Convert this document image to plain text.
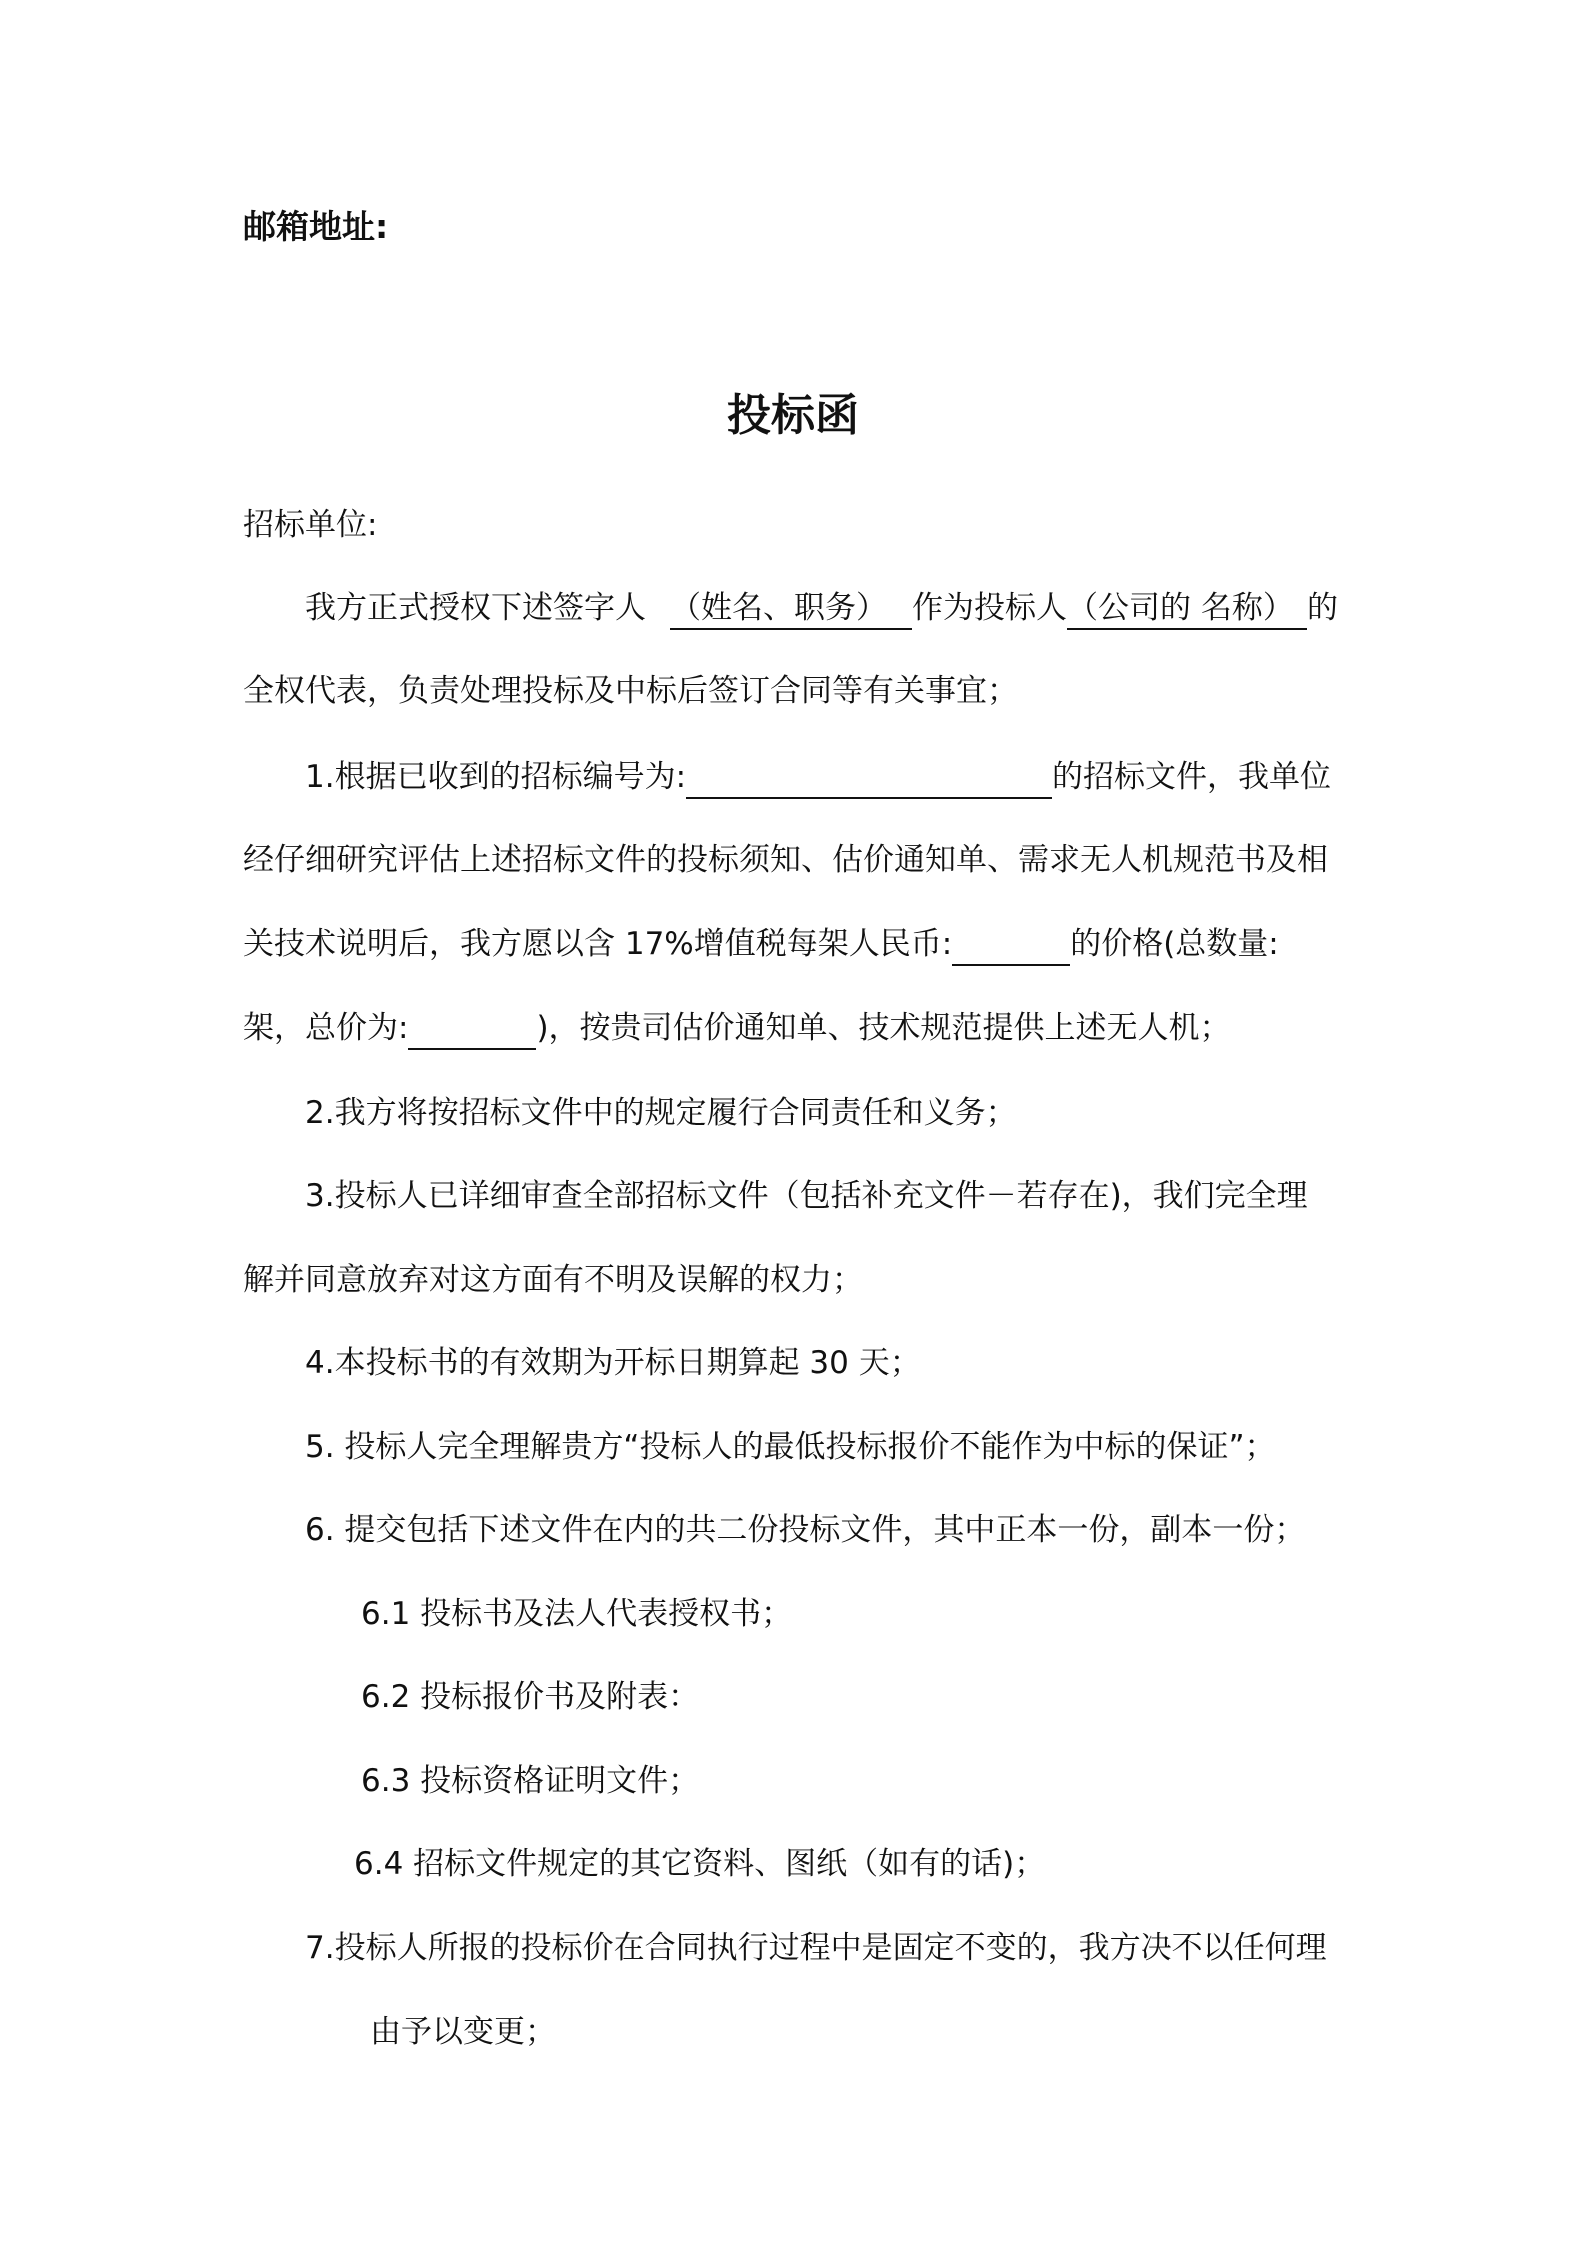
邮箱地址:
投标函
招标单位:
我方正式授权下述签字人 （姓名、职务） 作为投标人（公司的 名称） 的
全权代表，负责处理投标及中标后签订合同等有关事宜；
1.根据已收到的招标编号为:	的招标文件，我单位
经仔细研究评估上述招标文件的投标须知、估价通知单、需求无人机规范书及相
关技术说明后，我方愿以含 17%增值税每架人民币:	的价格(总数量:
架，总价为:	)，按贵司估价通知单、技术规范提供上述无人机；
2.我方将按招标文件中的规定履行合同责任和义务；
3.投标人已详细审查全部招标文件（包括补充文件－若存在)，我们完全理
解并同意放弃对这方面有不明及误解的权力；
4.本投标书的有效期为开标日期算起 30 天；
5. 投标人完全理解贵方“投标人的最低投标报价不能作为中标的保证”；
6. 提交包括下述文件在内的共二份投标文件，其中正本一份，副本一份；
6.1 投标书及法人代表授权书；
6.2 投标报价书及附表：
6.3 投标资格证明文件；
6.4 招标文件规定的其它资料、图纸（如有的话)；
7.投标人所报的投标价在合同执行过程中是固定不变的，我方决不以任何理
由予以变更；
